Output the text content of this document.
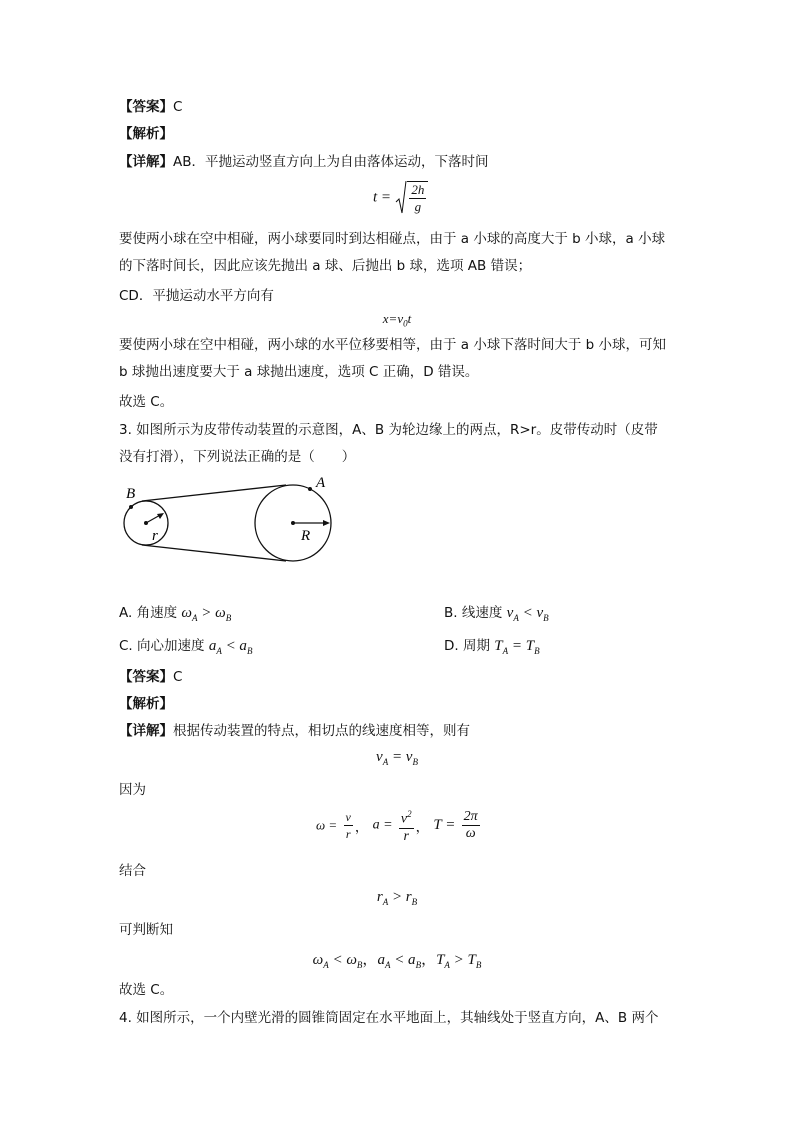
【答案】C
【解析】
【详解】AB．平抛运动竖直方向上为自由落体运动，下落时间
$t = \frac{2h}{g}$
要使两小球在空中相碰，两小球要同时到达相碰点，由于 a 小球的高度大于 b 小球，a 小球
的下落时间长，因此应该先抛出 a 球、后抛出 b 球，选项 AB 错误；
CD．平抛运动水平方向有
$x=v_0t$
要使两小球在空中相碰，两小球的水平位移要相等，由于 a 小球下落时间大于 b 小球，可知
b 球抛出速度要大于 a 球抛出速度，选项 C 正确，D 错误。
故选 C。
3. 如图所示为皮带传动装置的示意图，A、B 为轮边缘上的两点，R>r。皮带传动时（皮带
没有打滑），下列说法正确的是（　　）
B
A
r	R
A. 角速度 $\omega_A > \omega_B$	B. 线速度 $v_A < v_B$
C. 向心加速度 $a_A < a_B$	D. 周期 $T_A = T_B$
【答案】C
【解析】
【详解】根据传动装置的特点，相切点的线速度相等，则有
$v_A = v_B$
因为
$\omega = \frac{v}{r}$ ， $a = \frac{v^2}{r}$ ， $T = \frac{2\pi}{\omega}$
结合
$r_A > r_B$
可判断知
$\omega_A < \omega_B$，$a_A < a_B$，$T_A > T_B$
故选 C。
4. 如图所示，一个内壁光滑的圆锥筒固定在水平地面上，其轴线处于竖直方向，A、B 两个
